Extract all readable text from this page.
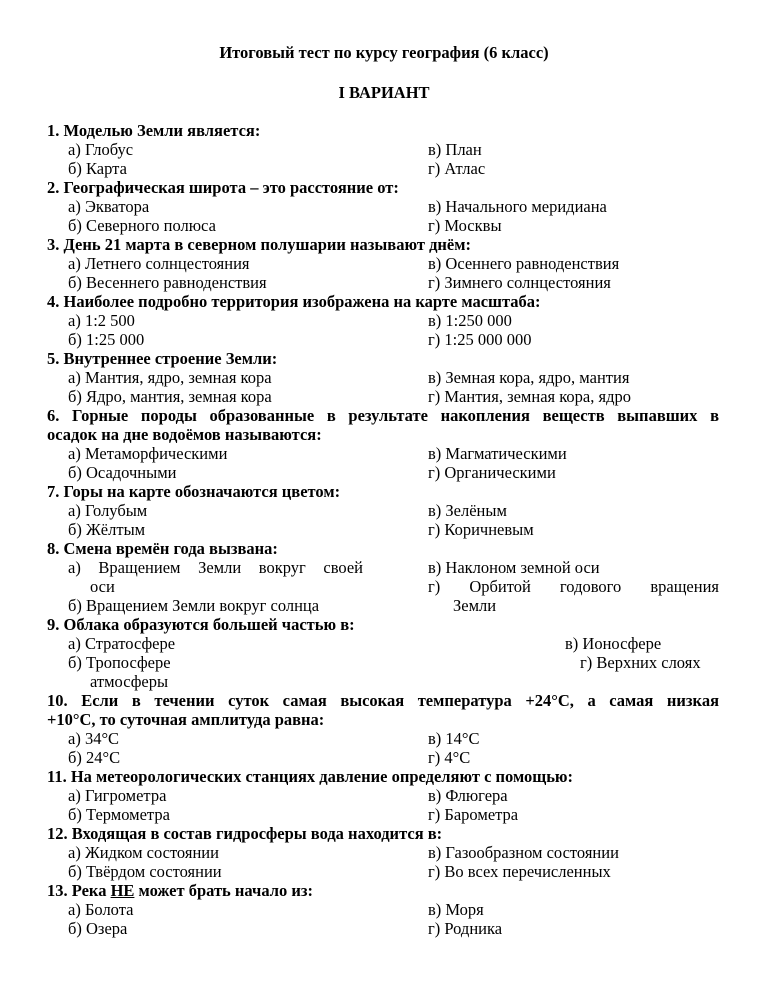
Итоговый тест по курсу география (6 класс)
I ВАРИАНТ
1. Моделью Земли является:
а) Глобус	в) План
б) Карта	г) Атлас
2. Географическая широта – это расстояние от:
а) Экватора	в) Начального меридиана
б) Северного полюса	г) Москвы
3. День 21 марта в северном полушарии называют днём:
а) Летнего солнцестояния	в) Осеннего равноденствия
б) Весеннего равноденствия	г) Зимнего солнцестояния
4. Наиболее подробно территория изображена на карте масштаба:
а) 1:2 500	в) 1:250 000
б) 1:25 000	г) 1:25 000 000
5. Внутреннее строение Земли:
а) Мантия, ядро, земная кора	в) Земная кора, ядро, мантия
б) Ядро, мантия, земная кора	г) Мантия, земная кора, ядро
6. Горные породы образованные в результате накопления веществ выпавших в
осадок на дне водоёмов называются:
а) Метаморфическими	в) Магматическими
б) Осадочными	г) Органическими
7. Горы на карте обозначаются цветом:
а) Голубым	в) Зелёным
б) Жёлтым	г) Коричневым
8. Смена времён года вызвана:
а) Вращением Земли вокруг своей	в) Наклоном земной оси
оси	г) Орбитой годового вращения
б) Вращением Земли вокруг солнца	Земли
9. Облака образуются большей частью в:
а) Стратосфере	в) Ионосфере
б) Тропосфере	г) Верхних слоях
атмосферы
10. Если в течении суток самая высокая температура +24°С, а самая низкая
+10°С, то суточная амплитуда равна:
а) 34°С	в) 14°С
б) 24°С	г) 4°С
11. На метеорологических станциях давление определяют с помощью:
а) Гигрометра	в) Флюгера
б) Термометра	г) Барометра
12. Входящая в состав гидросферы вода находится в:
а) Жидком состоянии	в) Газообразном состоянии
б) Твёрдом состоянии	г) Во всех перечисленных
13. Река НЕ может брать начало из:
а) Болота	в) Моря
б) Озера	г) Родника
